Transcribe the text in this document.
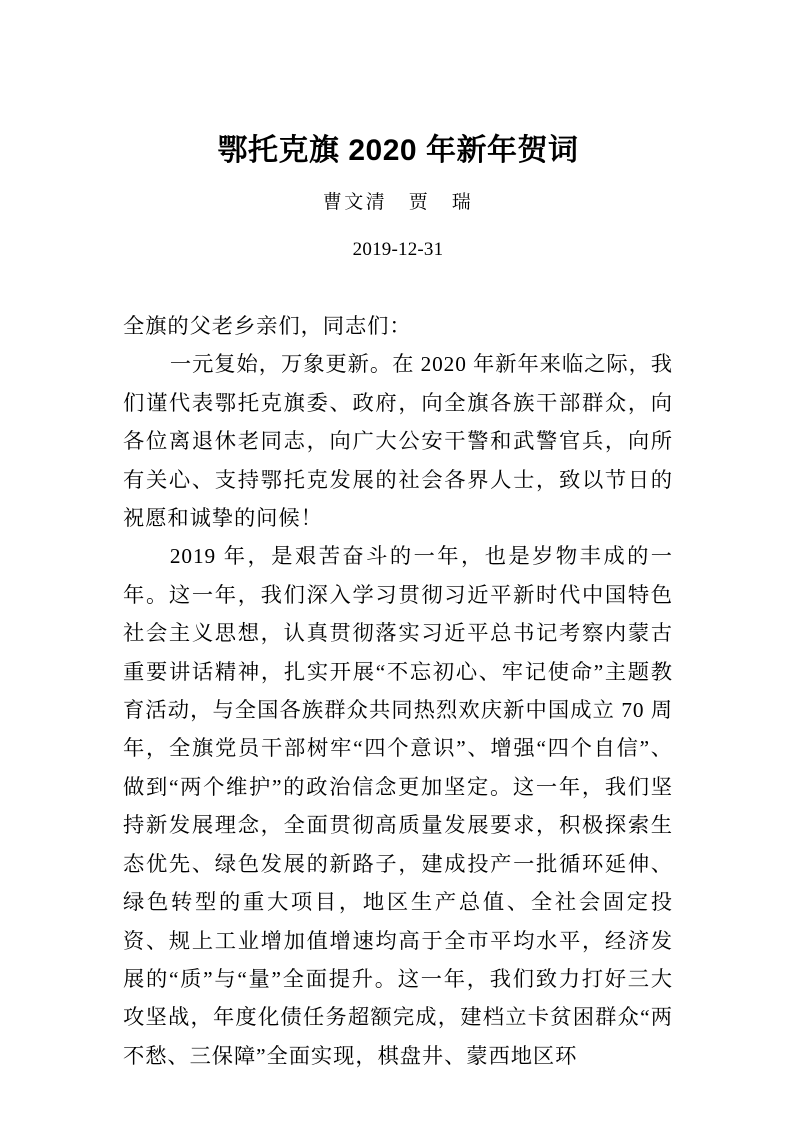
鄂托克旗 2020 年新年贺词
曹文清　贾　瑞
2019-12-31

全旗的父老乡亲们，同志们：

一元复始，万象更新。在 2020 年新年来临之际，我们谨代表鄂托克旗委、政府，向全旗各族干部群众，向各位离退休老同志，向广大公安干警和武警官兵，向所有关心、支持鄂托克发展的社会各界人士，致以节日的祝愿和诚挚的问候！

2019 年，是艰苦奋斗的一年，也是岁物丰成的一年。这一年，我们深入学习贯彻习近平新时代中国特色社会主义思想，认真贯彻落实习近平总书记考察内蒙古重要讲话精神，扎实开展“不忘初心、牢记使命”主题教育活动，与全国各族群众共同热烈欢庆新中国成立 70 周年，全旗党员干部树牢“四个意识”、增强“四个自信”、做到“两个维护”的政治信念更加坚定。这一年，我们坚持新发展理念，全面贯彻高质量发展要求，积极探索生态优先、绿色发展的新路子，建成投产一批循环延伸、绿色转型的重大项目，地区生产总值、全社会固定投资、规上工业增加值增速均高于全市平均水平，经济发展的“质”与“量”全面提升。这一年，我们致力打好三大攻坚战，年度化债任务超额完成，建档立卡贫困群众“两不愁、三保障”全面实现，棋盘井、蒙西地区环
